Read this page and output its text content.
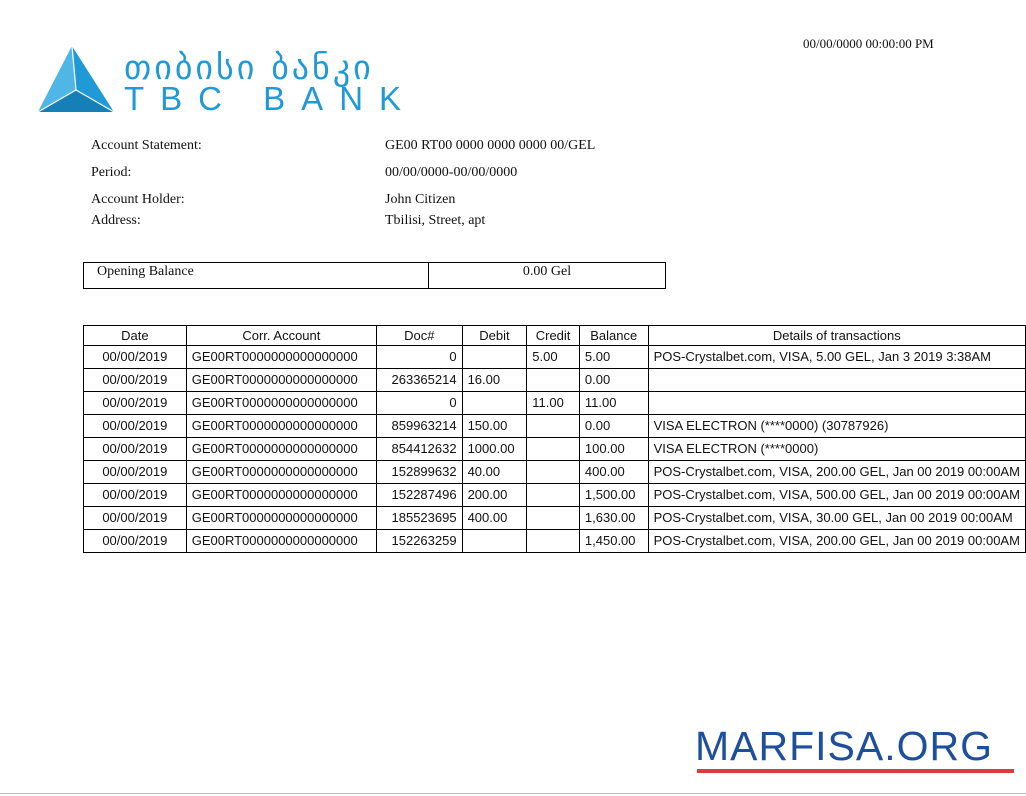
თიბისი ბანკი
TBC BANK
00/00/0000 00:00:00 PM
Account Statement:	GE00 RT00 0000 0000 0000 00/GEL
Period:	00/00/0000-00/00/0000
Account Holder:	John Citizen
Address:	Tbilisi, Street, apt
Opening Balance	0.00 Gel
Date	Corr. Account	Doc#	Debit	Credit	Balance	Details of transactions
00/00/2019	GE00RT0000000000000000	0		5.00	5.00	POS-Crystalbet.com, VISA, 5.00 GEL, Jan 3 2019 3:38AM
00/00/2019	GE00RT0000000000000000	263365214	16.00		0.00	
00/00/2019	GE00RT0000000000000000	0		11.00	11.00	
00/00/2019	GE00RT0000000000000000	859963214	150.00		0.00	VISA ELECTRON (****0000) (30787926)
00/00/2019	GE00RT0000000000000000	854412632	1000.00		100.00	VISA ELECTRON (****0000)
00/00/2019	GE00RT0000000000000000	152899632	40.00		400.00	POS-Crystalbet.com, VISA, 200.00 GEL, Jan 00 2019 00:00AM
00/00/2019	GE00RT0000000000000000	152287496	200.00		1,500.00	POS-Crystalbet.com, VISA, 500.00 GEL, Jan 00 2019 00:00AM
00/00/2019	GE00RT0000000000000000	185523695	400.00		1,630.00	POS-Crystalbet.com, VISA, 30.00 GEL, Jan 00 2019 00:00AM
00/00/2019	GE00RT0000000000000000	152263259			1,450.00	POS-Crystalbet.com, VISA, 200.00 GEL, Jan 00 2019 00:00AM
MARFISA.ORG
